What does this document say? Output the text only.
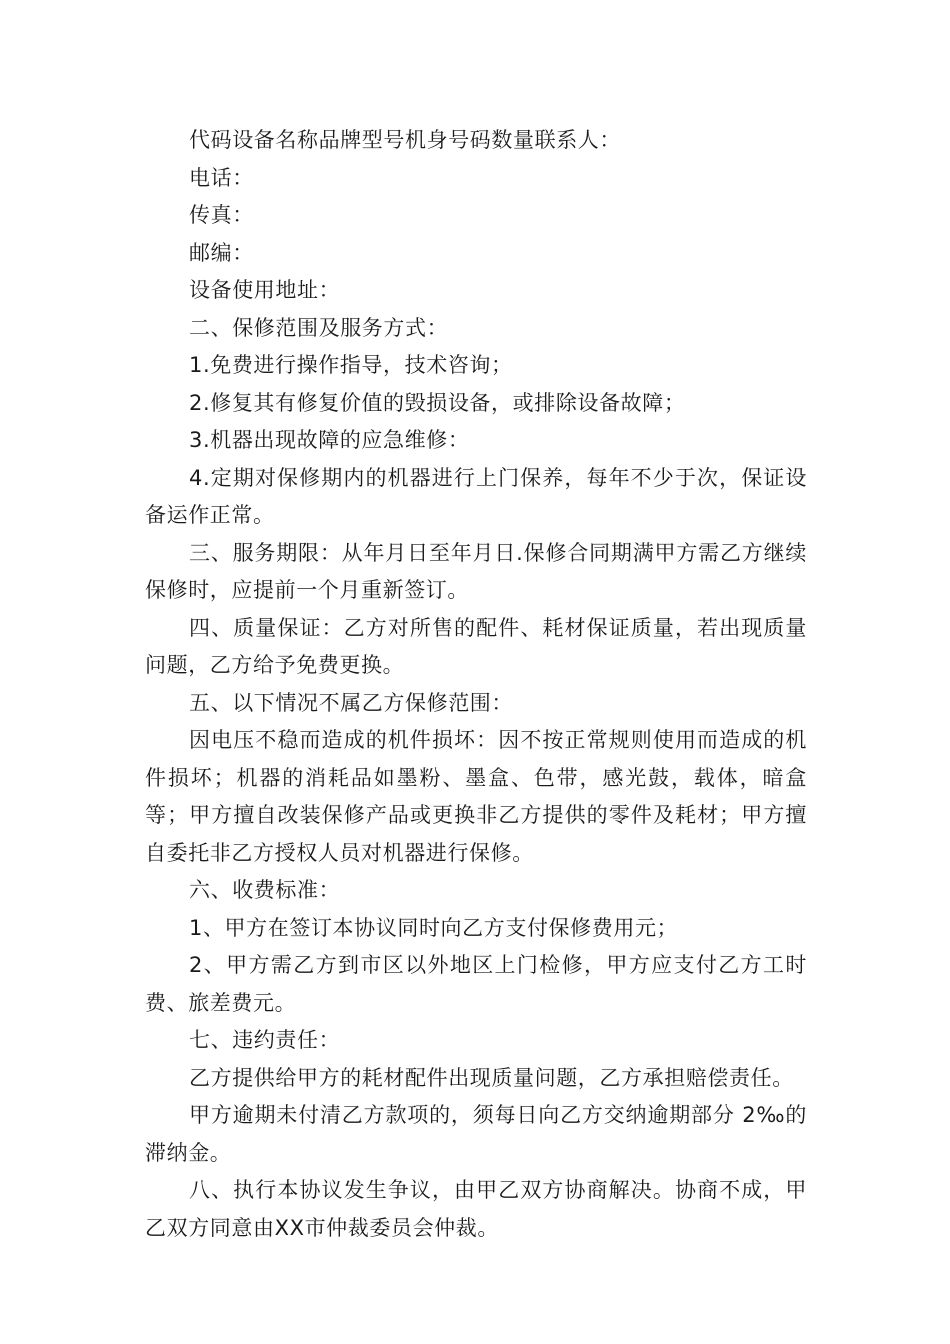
代码设备名称品牌型号机身号码数量联系人：

电话：

传真：

邮编：

设备使用地址：

二、保修范围及服务方式：

1.免费进行操作指导，技术咨询；

2.修复其有修复价值的毁损设备，或排除设备故障；

3.机器出现故障的应急维修：

4.定期对保修期内的机器进行上门保养，每年不少于次，保证设备运作正常。

三、服务期限：从年月日至年月日.保修合同期满甲方需乙方继续保修时，应提前一个月重新签订。

四、质量保证：乙方对所售的配件、耗材保证质量，若出现质量问题，乙方给予免费更换。

五、以下情况不属乙方保修范围：

因电压不稳而造成的机件损坏：因不按正常规则使用而造成的机件损坏；机器的消耗品如墨粉、墨盒、色带，感光鼓，载体，暗盒等；甲方擅自改装保修产品或更换非乙方提供的零件及耗材；甲方擅自委托非乙方授权人员对机器进行保修。

六、收费标准：

1、甲方在签订本协议同时向乙方支付保修费用元；

2、甲方需乙方到市区以外地区上门检修，甲方应支付乙方工时费、旅差费元。

七、违约责任：

乙方提供给甲方的耗材配件出现质量问题，乙方承担赔偿责任。

甲方逾期未付清乙方款项的，须每日向乙方交纳逾期部分 2‰的滞纳金。

八、执行本协议发生争议，由甲乙双方协商解决。协商不成，甲乙双方同意由XX市仲裁委员会仲裁。
